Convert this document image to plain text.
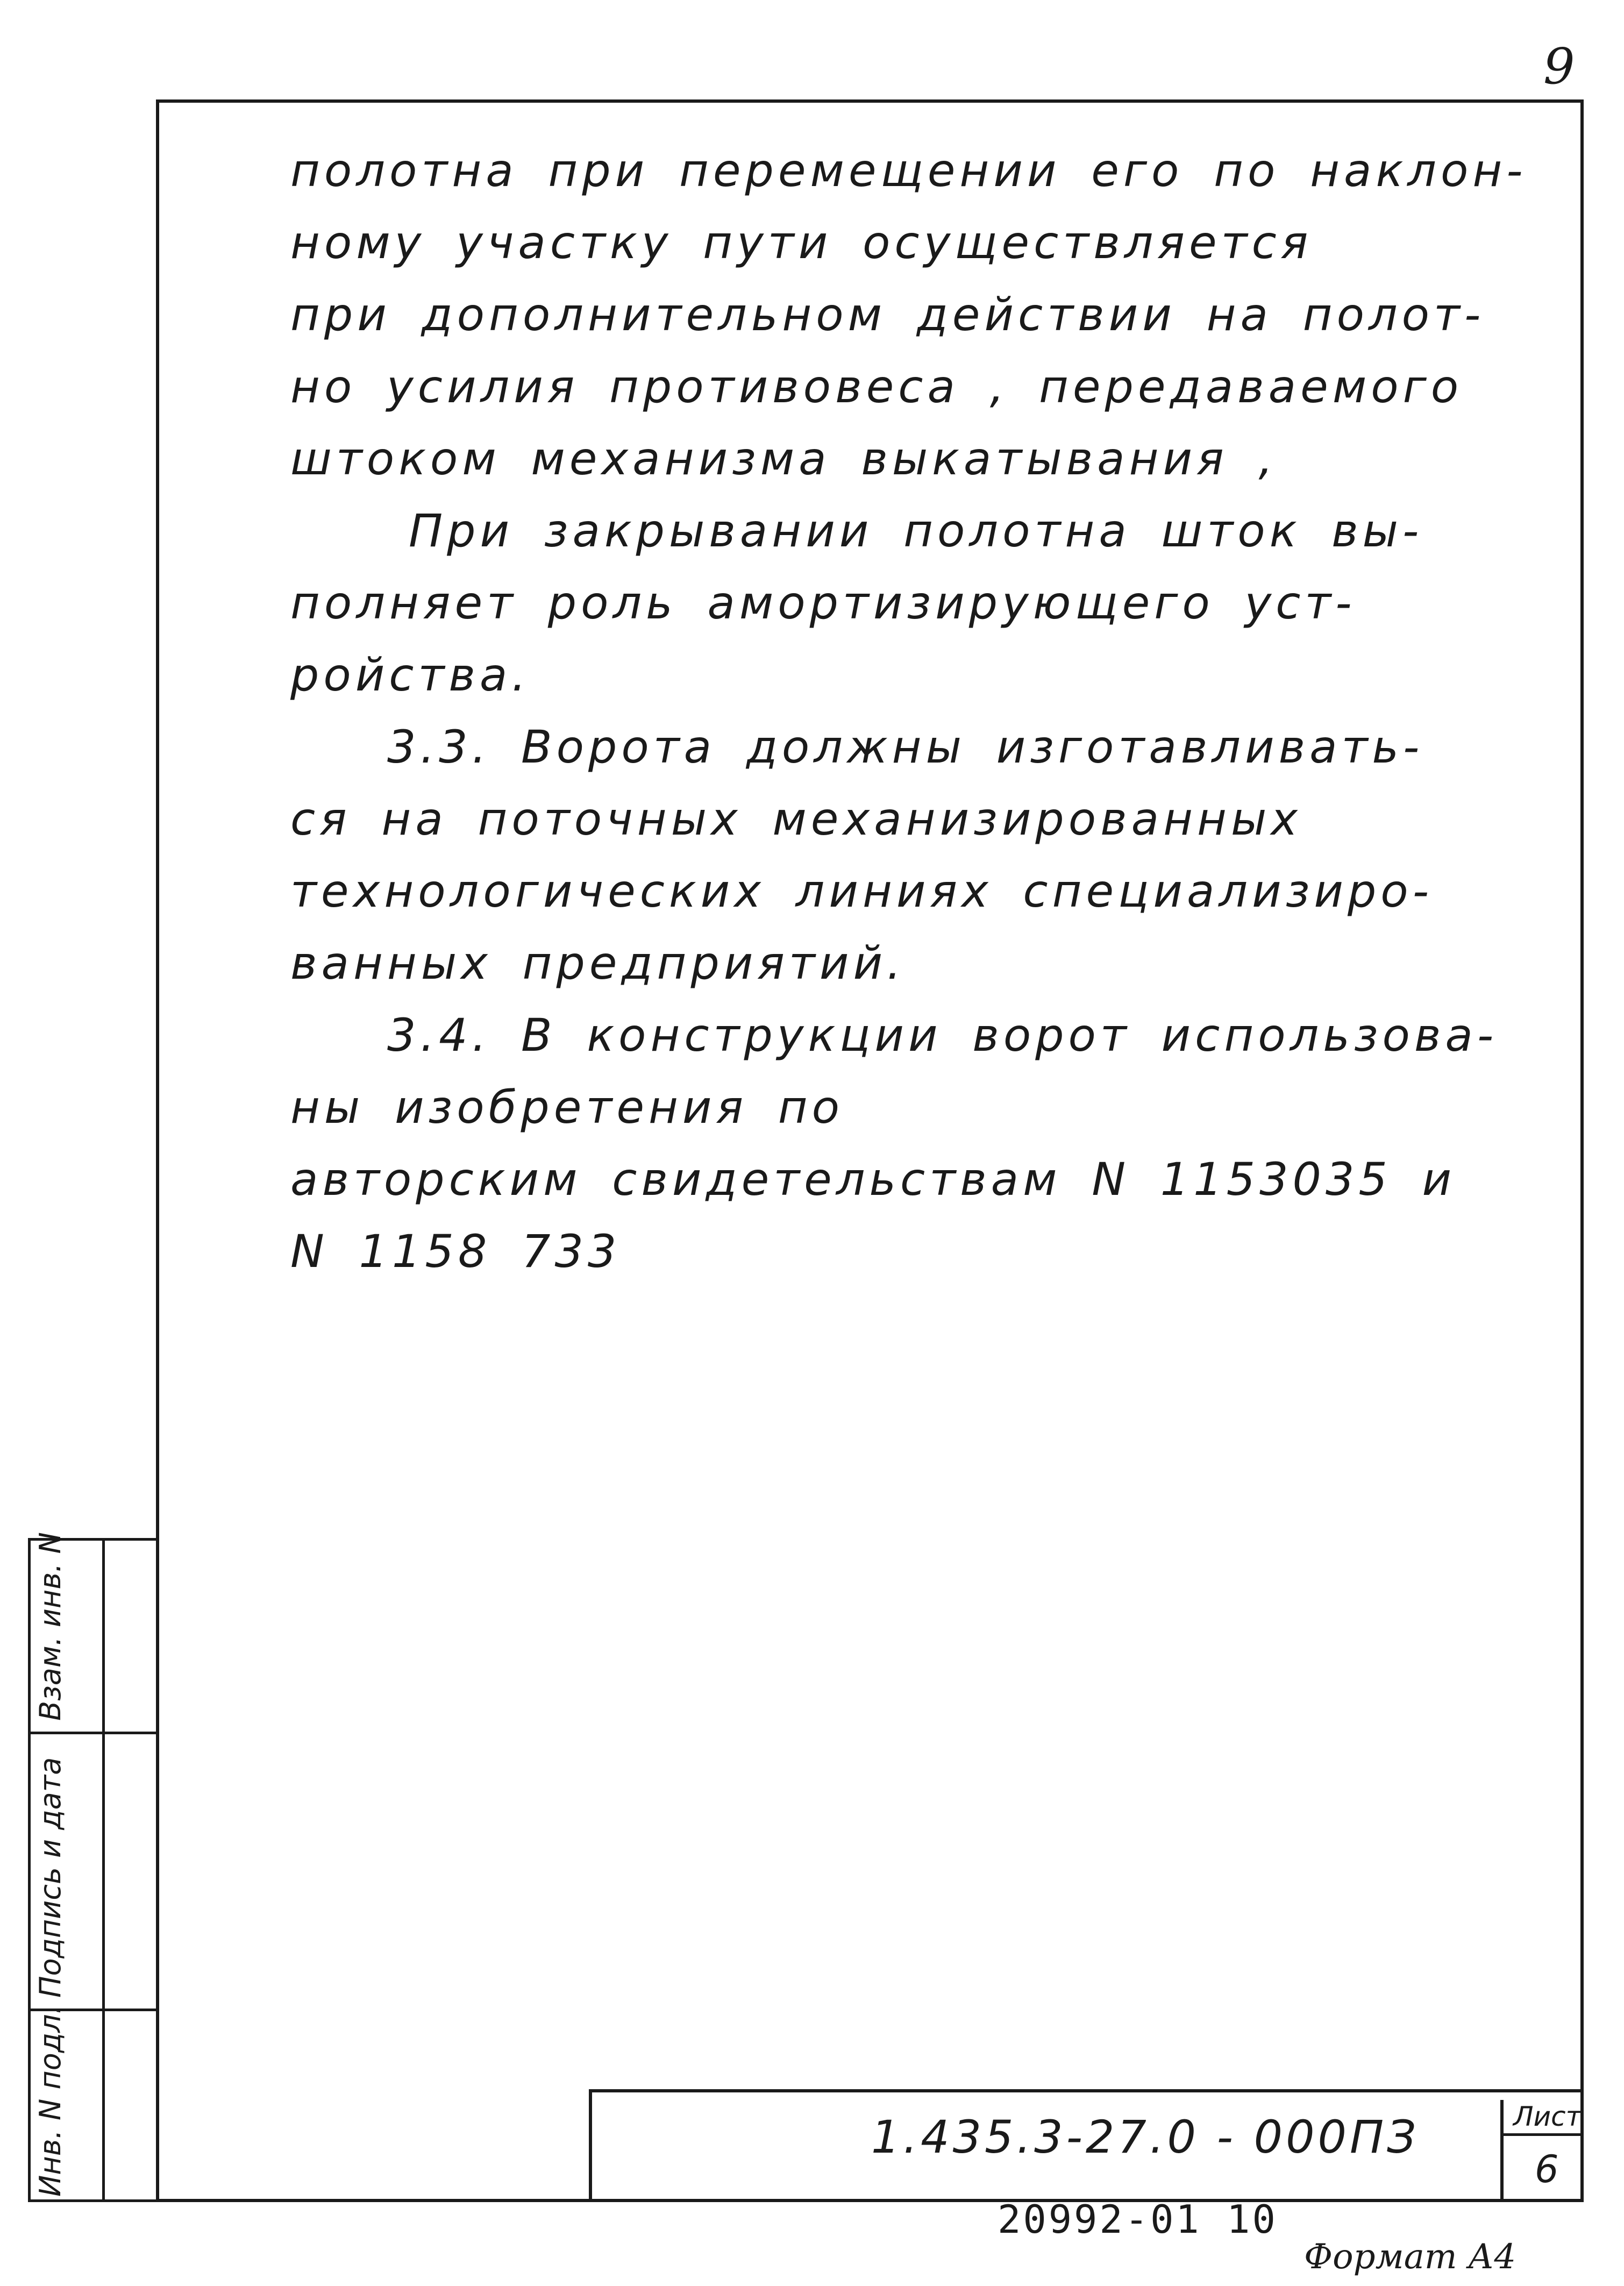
9
полотна при перемещении его по наклон-
ному участку пути осуществляется
при дополнительном действии на полот-
но усилия противовеса , передаваемого
штоком механизма выкатывания ,
При закрывании полотна шток вы-
полняет роль амортизирующего уст-
ройства.
3.3. Ворота должны изготавливать-
ся на поточных механизированных
технологических линиях специализиро-
ванных предприятий.
3.4. В конструкции ворот использова-
ны изобретения по
авторским свидетельствам N 1153035 и
N 1158 733
Инв. N подл.
Подпись и дата
Взам. инв. N
1.435.3-27.0 - 000ПЗ	Лист
6
20992-01 10
Формат А4
